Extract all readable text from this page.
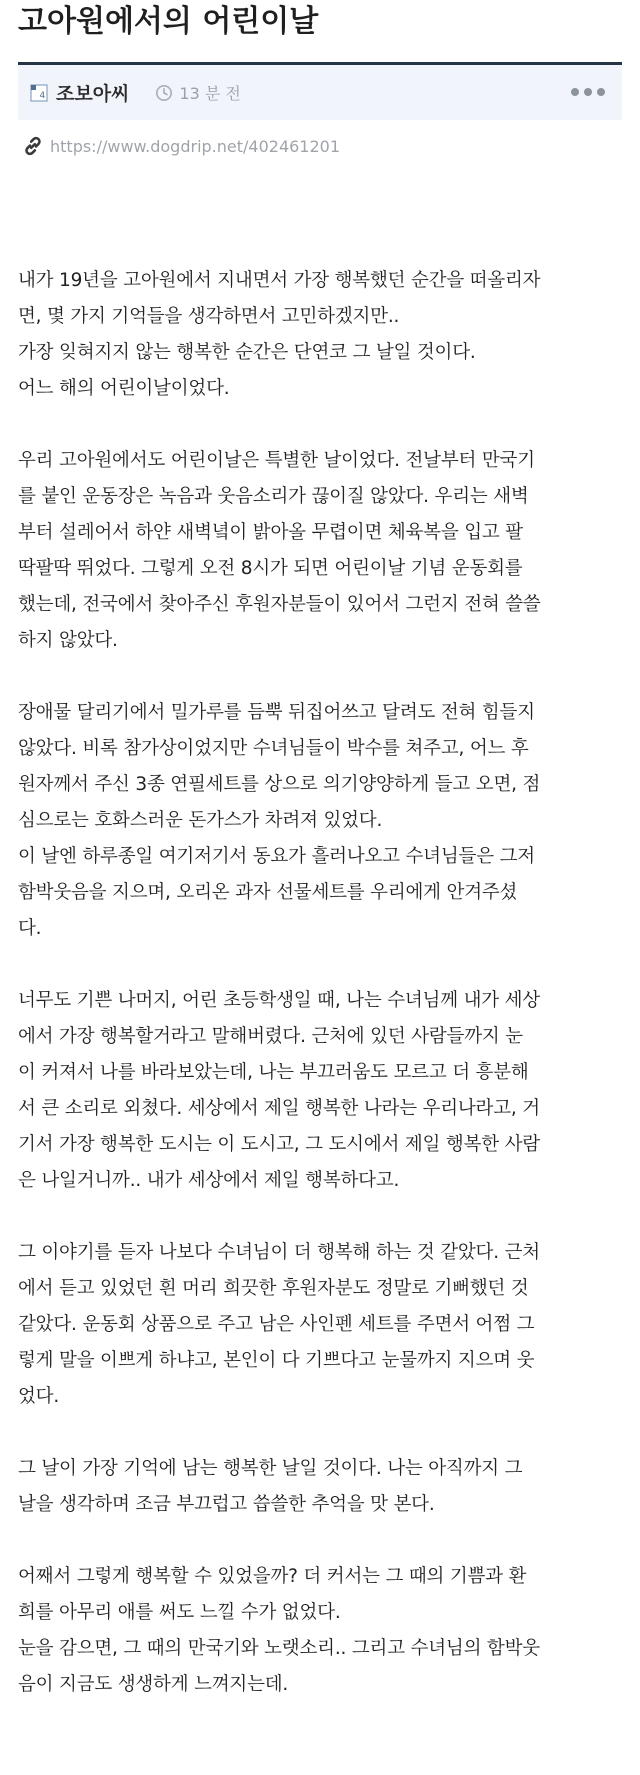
고아원에서의 어린이날
4 조보아씨	13 분 전
https://www.dogdrip.net/402461201
내가 19년을 고아원에서 지내면서 가장 행복했던 순간을 떠올리자
면, 몇 가지 기억들을 생각하면서 고민하겠지만..
가장 잊혀지지 않는 행복한 순간은 단연코 그 날일 것이다.
어느 해의 어린이날이었다.
우리 고아원에서도 어린이날은 특별한 날이었다. 전날부터 만국기
를 붙인 운동장은 녹음과 웃음소리가 끊이질 않았다. 우리는 새벽
부터 설레어서 하얀 새벽녘이 밝아올 무렵이면 체육복을 입고 팔
딱팔딱 뛰었다. 그렇게 오전 8시가 되면 어린이날 기념 운동회를
했는데, 전국에서 찾아주신 후원자분들이 있어서 그런지 전혀 쓸쓸
하지 않았다.
장애물 달리기에서 밀가루를 듬뿍 뒤집어쓰고 달려도 전혀 힘들지
않았다. 비록 참가상이었지만 수녀님들이 박수를 쳐주고, 어느 후
원자께서 주신 3종 연필세트를 상으로 의기양양하게 들고 오면, 점
심으로는 호화스러운 돈가스가 차려져 있었다.
이 날엔 하루종일 여기저기서 동요가 흘러나오고 수녀님들은 그저
함박웃음을 지으며, 오리온 과자 선물세트를 우리에게 안겨주셨
다.
너무도 기쁜 나머지, 어린 초등학생일 때, 나는 수녀님께 내가 세상
에서 가장 행복할거라고 말해버렸다. 근처에 있던 사람들까지 눈
이 커져서 나를 바라보았는데, 나는 부끄러움도 모르고 더 흥분해
서 큰 소리로 외쳤다. 세상에서 제일 행복한 나라는 우리나라고, 거
기서 가장 행복한 도시는 이 도시고, 그 도시에서 제일 행복한 사람
은 나일거니까.. 내가 세상에서 제일 행복하다고.
그 이야기를 듣자 나보다 수녀님이 더 행복해 하는 것 같았다. 근처
에서 듣고 있었던 흰 머리 희끗한 후원자분도 정말로 기뻐했던 것
같았다. 운동회 상품으로 주고 남은 사인펜 세트를 주면서 어쩜 그
렇게 말을 이쁘게 하냐고, 본인이 다 기쁘다고 눈물까지 지으며 웃
었다.
그 날이 가장 기억에 남는 행복한 날일 것이다. 나는 아직까지 그
날을 생각하며 조금 부끄럽고 씁쓸한 추억을 맛 본다.
어째서 그렇게 행복할 수 있었을까? 더 커서는 그 때의 기쁨과 환
희를 아무리 애를 써도 느낄 수가 없었다.
눈을 감으면, 그 때의 만국기와 노랫소리.. 그리고 수녀님의 함박웃
음이 지금도 생생하게 느껴지는데.
